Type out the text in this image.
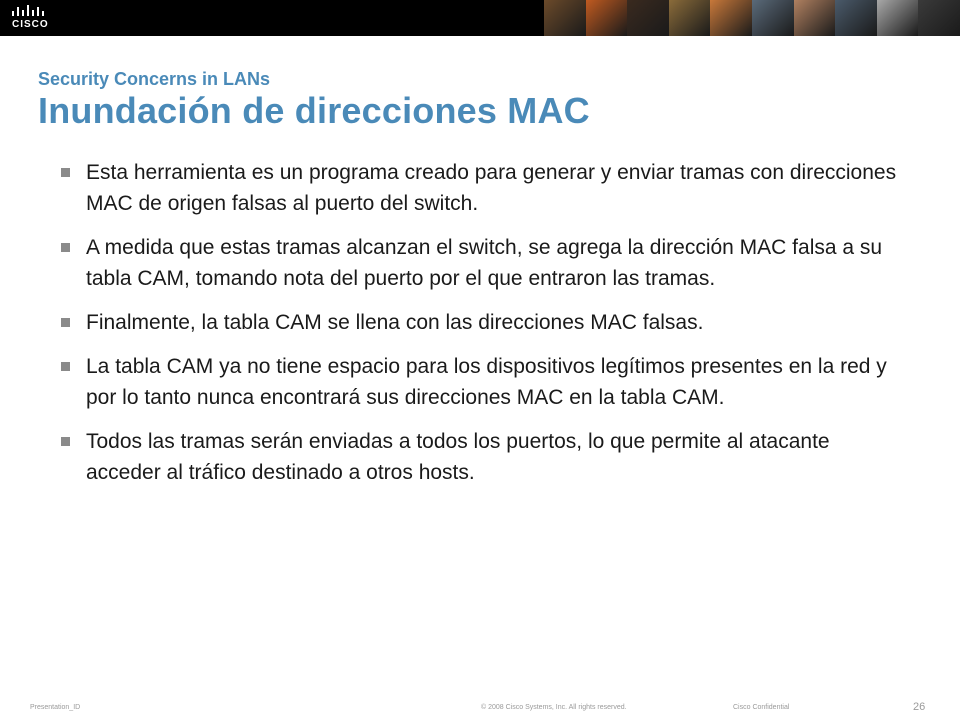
CISCO
Security Concerns in LANs
Inundación de direcciones MAC
Esta herramienta es un programa creado para generar y enviar tramas con direcciones MAC de origen falsas al puerto del switch.
A medida que estas tramas alcanzan el switch, se agrega la dirección MAC falsa a su tabla CAM, tomando nota del puerto por el que entraron las tramas.
Finalmente, la tabla CAM se llena con las direcciones MAC falsas.
La tabla CAM ya no tiene espacio para los dispositivos legítimos presentes en la red y por lo tanto nunca encontrará sus direcciones MAC en la tabla CAM.
Todos las tramas serán enviadas a todos los puertos, lo que permite al atacante acceder al tráfico destinado a otros hosts.
Presentation_ID	© 2008 Cisco Systems, Inc. All rights reserved.	Cisco Confidential	26
